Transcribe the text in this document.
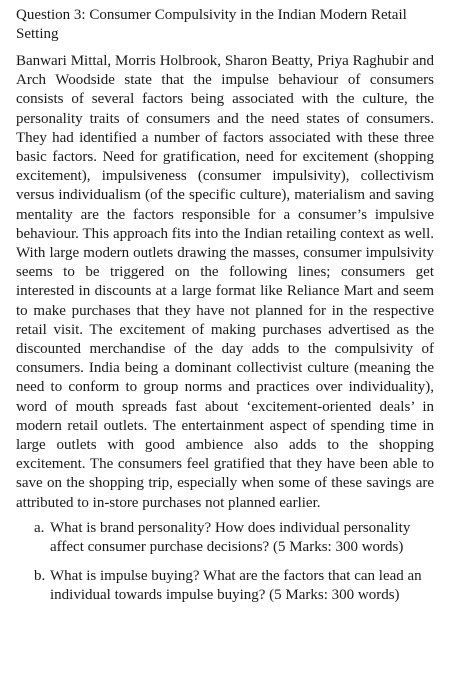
Question 3: Consumer Compulsivity in the Indian Modern Retail Setting

Banwari Mittal, Morris Holbrook, Sharon Beatty, Priya Raghubir and Arch Woodside state that the impulse behaviour of consumers consists of several factors being associated with the culture, the personality traits of consumers and the need states of consumers. They had identified a number of factors associated with these three basic factors. Need for gratification, need for excitement (shopping excitement), impulsiveness (consumer impulsivity), collectivism versus individualism (of the specific culture), materialism and saving mentality are the factors responsible for a consumer’s impulsive behaviour. This approach fits into the Indian retailing context as well. With large modern outlets drawing the masses, consumer impulsivity seems to be triggered on the following lines; consumers get interested in discounts at a large format like Reliance Mart and seem to make purchases that they have not planned for in the respective retail visit. The excitement of making purchases advertised as the discounted merchandise of the day adds to the compulsivity of consumers. India being a dominant collectivist culture (meaning the need to conform to group norms and practices over individuality), word of mouth spreads fast about ‘excitement-oriented deals’ in modern retail outlets. The entertainment aspect of spending time in large outlets with good ambience also adds to the shopping excitement. The consumers feel gratified that they have been able to save on the shopping trip, especially when some of these savings are attributed to in-store purchases not planned earlier.

a. What is brand personality? How does individual personality affect consumer purchase decisions? (5 Marks: 300 words)
b. What is impulse buying? What are the factors that can lead an individual towards impulse buying? (5 Marks: 300 words)
